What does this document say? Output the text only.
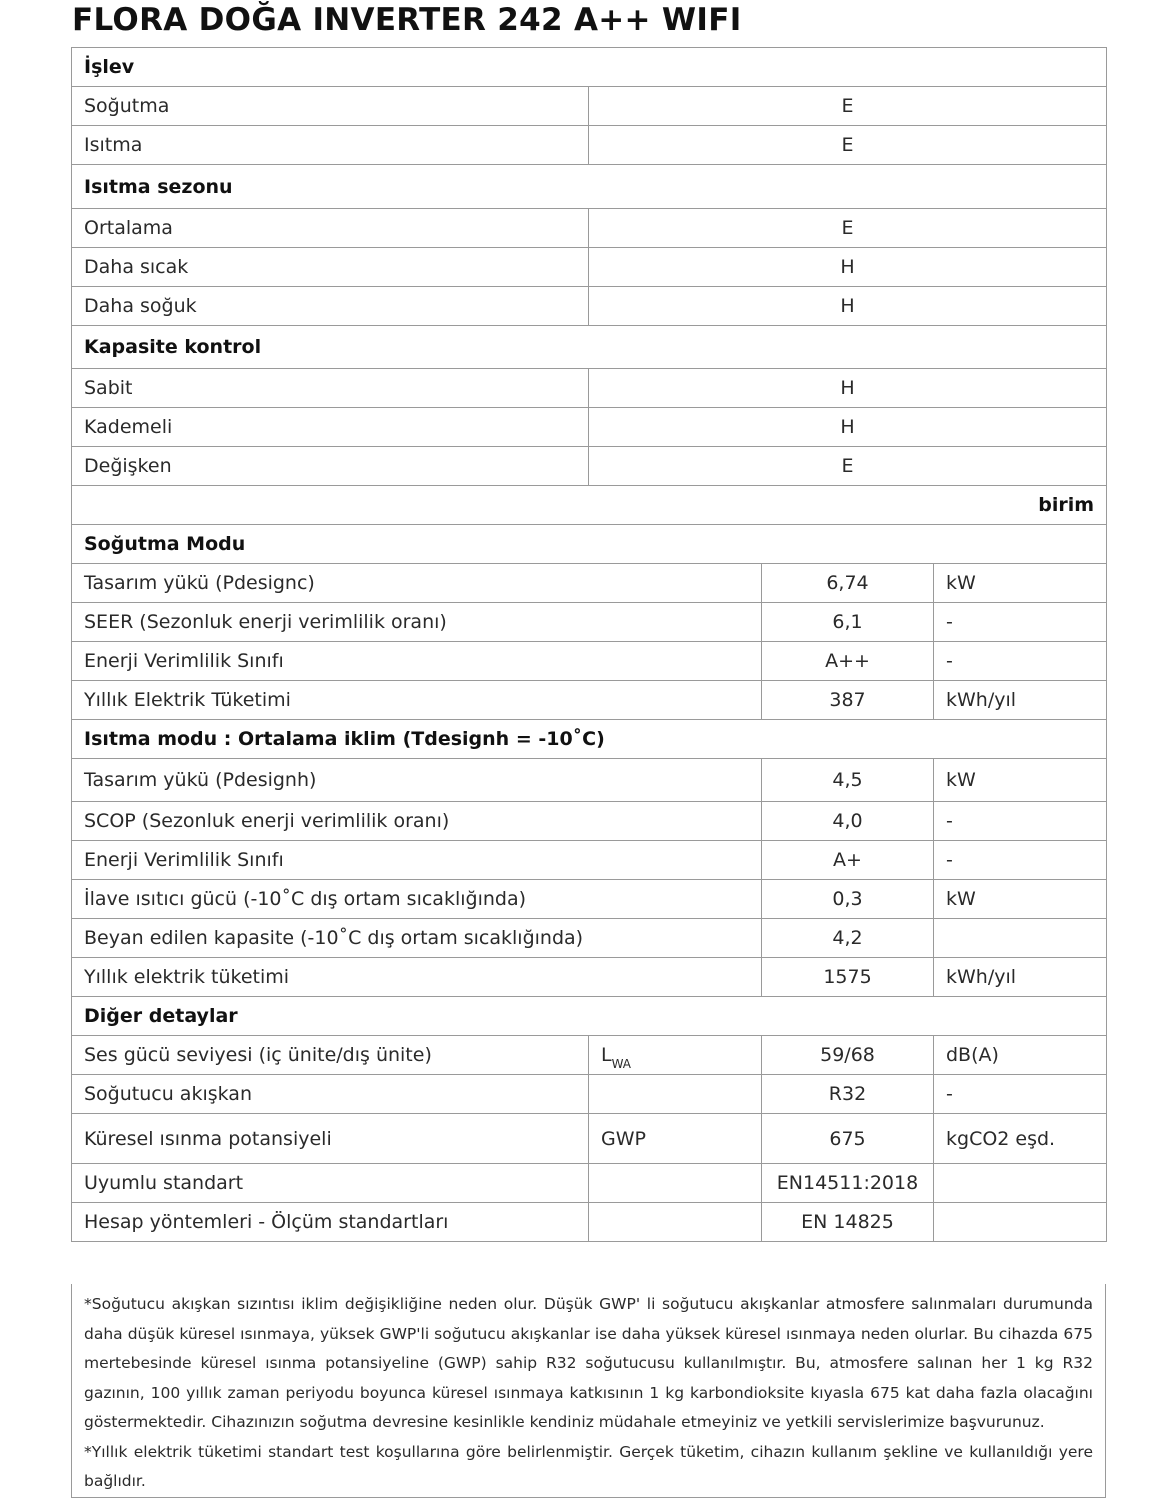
FLORA DOĞA INVERTER 242 A++ WIFI
İşlev			
Soğutma	E		
Isıtma	E		
Isıtma sezonu			
Ortalama	E		
Daha sıcak	H		
Daha soğuk	H		
Kapasite kontrol			
Sabit	H		
Kademeli	H		
Değişken	E		
birim			
Soğutma Modu			
Tasarım yükü (Pdesignc)		6,74	kW
SEER (Sezonluk enerji verimlilik oranı)		6,1	-
Enerji Verimlilik Sınıfı		A++	-
Yıllık Elektrik Tüketimi		387	kWh/yıl
Isıtma modu : Ortalama iklim (Tdesignh = -10˚C)			
Tasarım yükü (Pdesignh)		4,5	kW
SCOP (Sezonluk enerji verimlilik oranı)		4,0	-
Enerji Verimlilik Sınıfı		A+	-
İlave ısıtıcı gücü (-10˚C dış ortam sıcaklığında)		0,3	kW
Beyan edilen kapasite (-10˚C dış ortam sıcaklığında)		4,2	
Yıllık elektrik tüketimi		1575	kWh/yıl
Diğer detaylar			
Ses gücü seviyesi (iç ünite/dış ünite)	$L_{WA}$	59/68	dB(A)
Soğutucu akışkan		R32	-
Küresel ısınma potansiyeli	GWP	675	kgCO2 eşd.
Uyumlu standart		EN14511:2018	
Hesap yöntemleri - Ölçüm standartları		EN 14825	

*Soğutucu akışkan sızıntısı iklim değişikliğine neden olur. Düşük GWP' li soğutucu akışkanlar atmosfere salınmaları durumunda daha düşük küresel ısınmaya, yüksek GWP'li soğutucu akışkanlar ise daha yüksek küresel ısınmaya neden olurlar. Bu cihazda 675 mertebesinde küresel ısınma potansiyeline (GWP) sahip R32 soğutucusu kullanılmıştır. Bu, atmosfere salınan her 1 kg R32 gazının, 100 yıllık zaman periyodu boyunca küresel ısınmaya katkısının 1 kg karbondioksite kıyasla 675 kat daha fazla olacağını göstermektedir. Cihazınızın soğutma devresine kesinlikle kendiniz müdahale etmeyiniz ve yetkili servislerimize başvurunuz.

*Yıllık elektrik tüketimi standart test koşullarına göre belirlenmiştir. Gerçek tüketim, cihazın kullanım şekline ve kullanıldığı yere bağlıdır.
